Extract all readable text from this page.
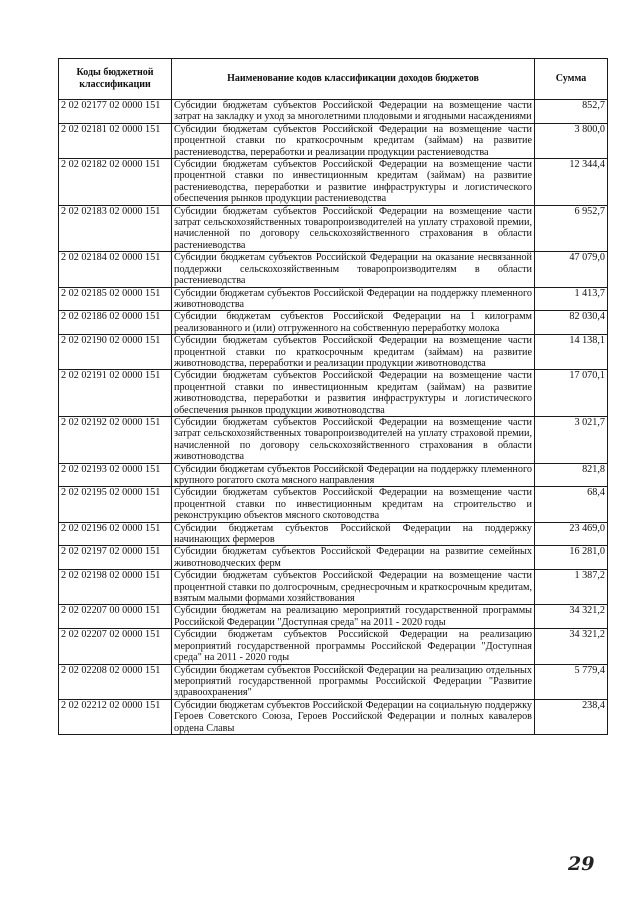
Коды бюджетной классификации	Наименование кодов классификации доходов бюджетов	Сумма
2 02 02177 02 0000 151	Субсидии бюджетам субъектов Российской Федерации на возмещение части затрат на закладку и уход за многолетними плодовыми и ягодными насаждениями	852,7
2 02 02181 02 0000 151	Субсидии бюджетам субъектов Российской Федерации на возмещение части процентной ставки по краткосрочным кредитам (займам) на развитие растениеводства, переработки и реализации продукции растениеводства	3 800,0
2 02 02182 02 0000 151	Субсидии бюджетам субъектов Российской Федерации на возмещение части процентной ставки по инвестиционным кредитам (займам) на развитие растениеводства, переработки и развитие инфраструктуры и логистического обеспечения рынков продукции растениеводства	12 344,4
2 02 02183 02 0000 151	Субсидии бюджетам субъектов Российской Федерации на возмещение части затрат сельскохозяйственных товаропроизводителей на уплату страховой премии, начисленной по договору сельскохозяйственного страхования в области растениеводства	6 952,7
2 02 02184 02 0000 151	Субсидии бюджетам субъектов Российской Федерации на оказание несвязанной поддержки сельскохозяйственным товаропроизводителям в области растениеводства	47 079,0
2 02 02185 02 0000 151	Субсидии бюджетам субъектов Российской Федерации на поддержку племенного животноводства	1 413,7
2 02 02186 02 0000 151	Субсидии бюджетам субъектов Российской Федерации на 1 килограмм реализованного и (или) отгруженного на собственную переработку молока	82 030,4
2 02 02190 02 0000 151	Субсидии бюджетам субъектов Российской Федерации на возмещение части процентной ставки по краткосрочным кредитам (займам) на развитие животноводства, переработки и реализации продукции животноводства	14 138,1
2 02 02191 02 0000 151	Субсидии бюджетам субъектов Российской Федерации на возмещение части процентной ставки по инвестиционным кредитам (займам) на развитие животноводства, переработки и развития инфраструктуры и логистического обеспечения рынков продукции животноводства	17 070,1
2 02 02192 02 0000 151	Субсидии бюджетам субъектов Российской Федерации на возмещение части затрат сельскохозяйственных товаропроизводителей на уплату страховой премии, начисленной по договору сельскохозяйственного страхования в области животноводства	3 021,7
2 02 02193 02 0000 151	Субсидии бюджетам субъектов Российской Федерации на поддержку племенного крупного рогатого скота мясного направления	821,8
2 02 02195 02 0000 151	Субсидии бюджетам субъектов Российской Федерации на возмещение части процентной ставки по инвестиционным кредитам на строительство и реконструкцию объектов мясного скотоводства	68,4
2 02 02196 02 0000 151	Субсидии бюджетам субъектов Российской Федерации на поддержку начинающих фермеров	23 469,0
2 02 02197 02 0000 151	Субсидии бюджетам субъектов Российской Федерации на развитие семейных животноводческих ферм	16 281,0
2 02 02198 02 0000 151	Субсидии бюджетам субъектов Российской Федерации на возмещение части процентной ставки по долгосрочным, среднесрочным и краткосрочным кредитам, взятым малыми формами хозяйствования	1 387,2
2 02 02207 00 0000 151	Субсидии бюджетам на реализацию мероприятий государственной программы Российской Федерации "Доступная среда" на 2011 - 2020 годы	34 321,2
2 02 02207 02 0000 151	Субсидии бюджетам субъектов Российской Федерации на реализацию мероприятий государственной программы Российской Федерации "Доступная среда" на 2011 - 2020 годы	34 321,2
2 02 02208 02 0000 151	Субсидии бюджетам субъектов Российской Федерации на реализацию отдельных мероприятий государственной программы Российской Федерации "Развитие здравоохранения"	5 779,4
2 02 02212 02 0000 151	Субсидии бюджетам субъектов Российской Федерации на социальную поддержку Героев Советского Союза, Героев Российской Федерации и полных кавалеров ордена Славы	238,4
29
